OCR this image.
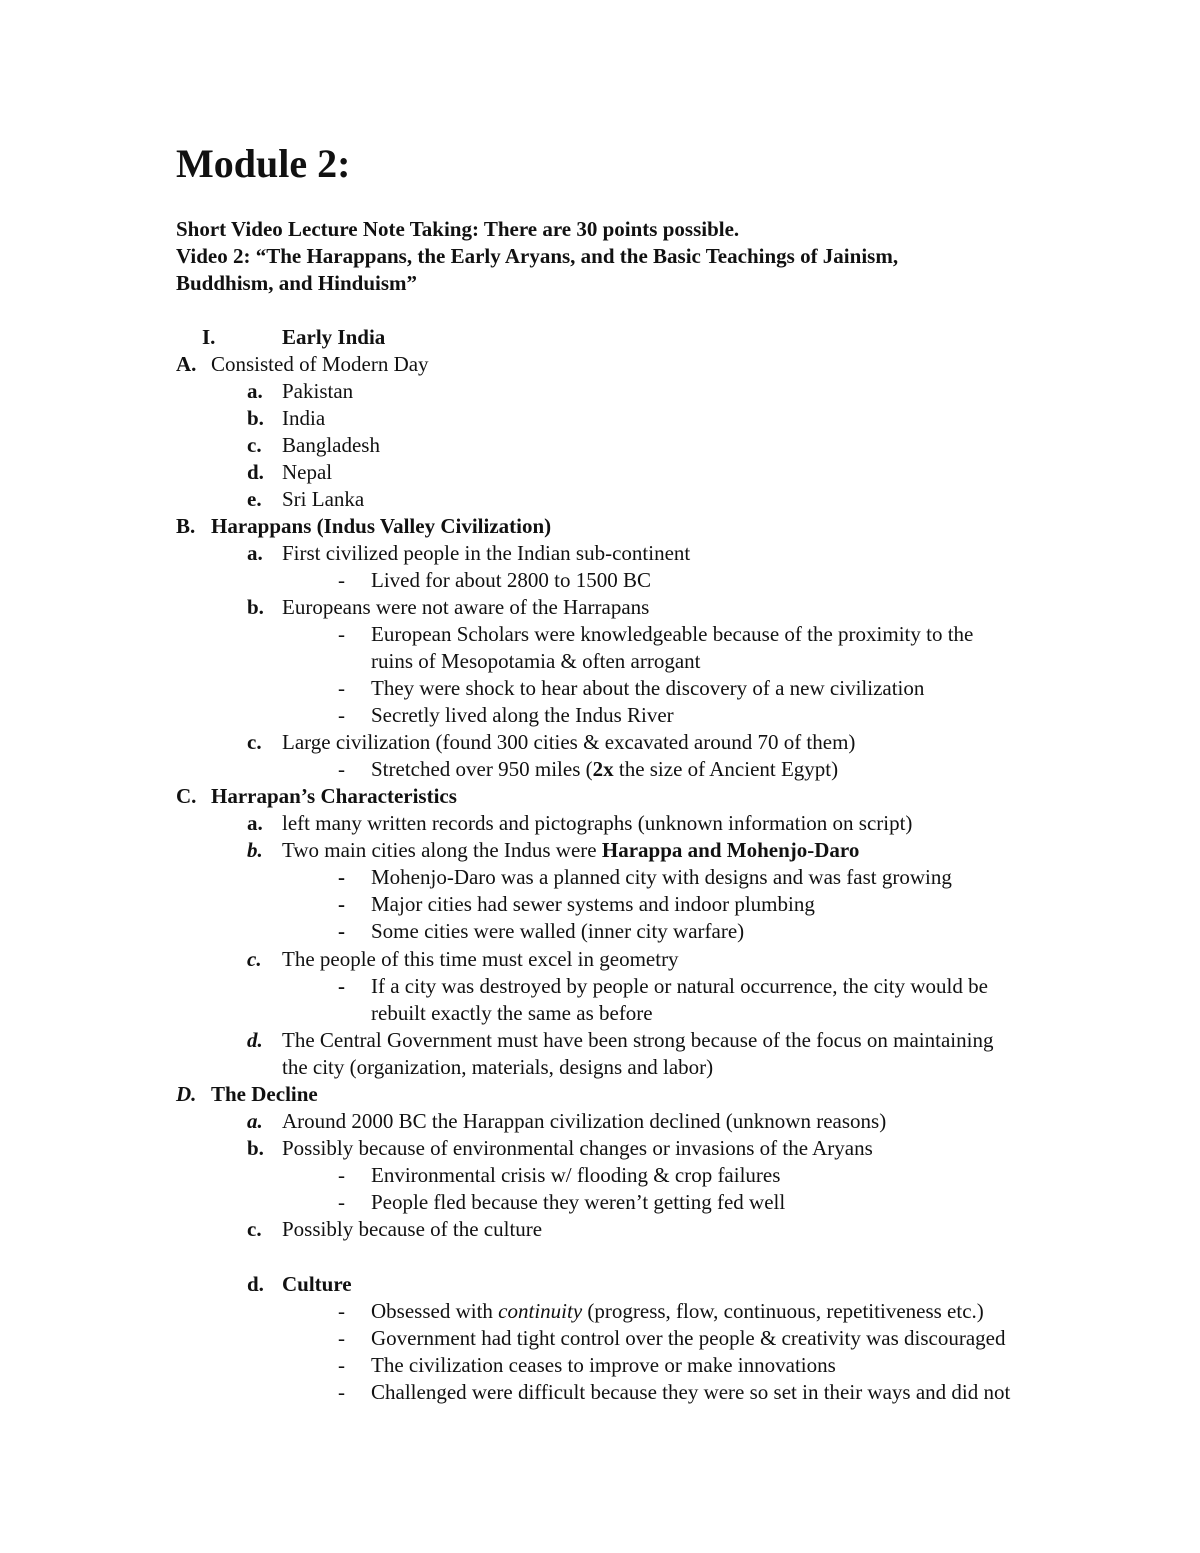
Module 2:

Short Video Lecture Note Taking: There are 30 points possible.

Video 2: “The Harappans, the Early Aryans, and the Basic Teachings of Jainism,

Buddhism, and Hinduism”

I.	Early India
A. Consisted of Modern Day
a. Pakistan
b. India
c. Bangladesh
d. Nepal
e. Sri Lanka
B. Harappans (Indus Valley Civilization)
a. First civilized people in the Indian sub-continent
- Lived for about 2800 to 1500 BC
b. Europeans were not aware of the Harrapans
- European Scholars were knowledgeable because of the proximity to the
ruins of Mesopotamia & often arrogant
- They were shock to hear about the discovery of a new civilization
- Secretly lived along the Indus River
c. Large civilization (found 300 cities & excavated around 70 of them)
- Stretched over 950 miles (2x the size of Ancient Egypt)
C. Harrapan’s Characteristics
a. left many written records and pictographs (unknown information on script)
b. Two main cities along the Indus were Harappa and Mohenjo-Daro
- Mohenjo-Daro was a planned city with designs and was fast growing
- Major cities had sewer systems and indoor plumbing
- Some cities were walled (inner city warfare)
c. The people of this time must excel in geometry
- If a city was destroyed by people or natural occurrence, the city would be
rebuilt exactly the same as before
d. The Central Government must have been strong because of the focus on maintaining
the city (organization, materials, designs and labor)
D. The Decline
a. Around 2000 BC the Harappan civilization declined (unknown reasons)
b. Possibly because of environmental changes or invasions of the Aryans
- Environmental crisis w/ flooding & crop failures
- People fled because they weren’t getting fed well
c. Possibly because of the culture
d. Culture
- Obsessed with continuity (progress, flow, continuous, repetitiveness etc.)
- Government had tight control over the people & creativity was discouraged
- The civilization ceases to improve or make innovations
- Challenged were difficult because they were so set in their ways and did not
